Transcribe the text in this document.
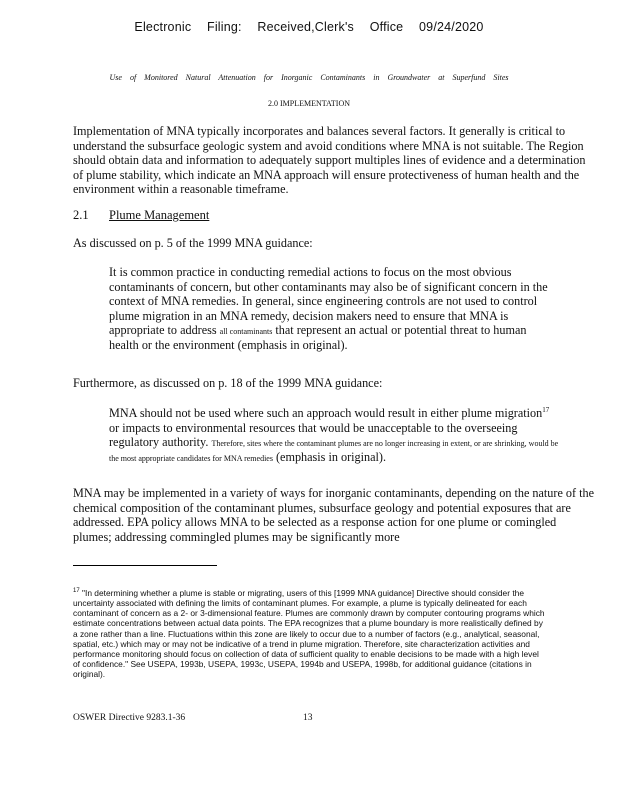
Electronic Filing: Received,Clerk's Office 09/24/2020
Use of Monitored Natural Attenuation for Inorganic Contaminants in Groundwater at Superfund Sites
2.0 IMPLEMENTATION

Implementation of MNA typically incorporates and balances several factors. It generally is critical to understand the subsurface geologic system and avoid conditions where MNA is not suitable. The Region should obtain data and information to adequately support multiples lines of evidence and a determination of plume stability, which indicate an MNA approach will ensure protectiveness of human health and the environment within a reasonable timeframe.

2.1 Plume Management

As discussed on p. 5 of the 1999 MNA guidance:

It is common practice in conducting remedial actions to focus on the most obvious contaminants of concern, but other contaminants may also be of significant concern in the context of MNA remedies. In general, since engineering controls are not used to control plume migration in an MNA remedy, decision makers need to ensure that MNA is appropriate to address all contaminants that represent an actual or potential threat to human health or the environment (emphasis in original).

Furthermore, as discussed on p. 18 of the 1999 MNA guidance:

MNA should not be used where such an approach would result in either plume migration$^{17}$ or impacts to environmental resources that would be unacceptable to the overseeing regulatory authority. Therefore, sites where the contaminant plumes are no longer increasing in extent, or are shrinking, would be the most appropriate candidates for MNA remedies (emphasis in original).

MNA may be implemented in a variety of ways for inorganic contaminants, depending on the nature of the chemical composition of the contaminant plumes, subsurface geology and potential exposures that are addressed. EPA policy allows MNA to be selected as a response action for one plume or comingled plumes; addressing commingled plumes may be significantly more

$^{17}$ "In determining whether a plume is stable or migrating, users of this [1999 MNA guidance] Directive should consider the uncertainty associated with defining the limits of contaminant plumes. For example, a plume is typically delineated for each contaminant of concern as a 2- or 3-dimensional feature. Plumes are commonly drawn by computer contouring programs which estimate concentrations between actual data points. The EPA recognizes that a plume boundary is more realistically defined by a zone rather than a line. Fluctuations within this zone are likely to occur due to a number of factors (e.g., analytical, seasonal, spatial, etc.) which may or may not be indicative of a trend in plume migration. Therefore, site characterization activities and performance monitoring should focus on collection of data of sufficient quality to enable decisions to be made with a high level of confidence." See USEPA, 1993b, USEPA, 1993c, USEPA, 1994b and USEPA, 1998b, for additional guidance (citations in original).

OSWER Directive 9283.1-36	13
